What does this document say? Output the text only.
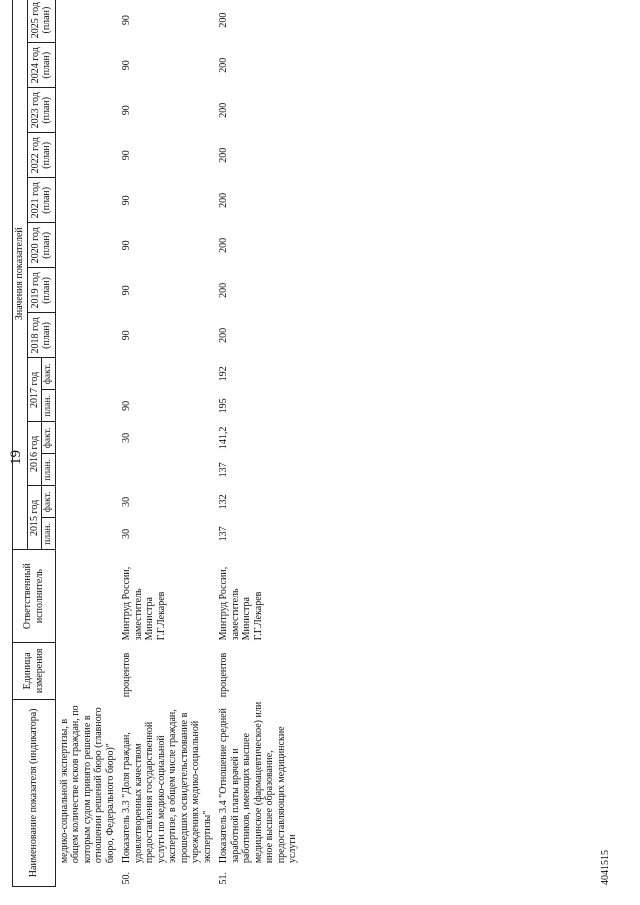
19
Наименование показателя (индикатора)		Единица измерения	Ответственный исполнитель	Значения показателей													
				2015 год		2016 год		2017 год		2018 год (план)	2019 год (план)	2020 год (план)	2021 год (план)	2022 год (план)	2023 год (план)	2024 год (план)	2025 год (план)
				план.	факт.	план.	факт.	план.	факт.								
	медико-социальной экспертизы, в общем количестве исков граждан, по которым судом принято решение в отношении решений бюро (главного бюро, Федерального бюро)"																
50.	Показатель 3.3 "Доля граждан, удовлетворенных качеством предоставления государственной услуги по медико-социальной экспертизе, в общем числе граждан, прошедших освидетельствование в учреждениях медико-социальной экспертизы"	процентов	Минтруд России, заместитель Министра Г.Г.Лекарев	30	30		30	90		90	90	90	90	90	90	90	90
51.	Показатель 3.4 "Отношение средней заработной платы врачей и работников, имеющих высшее медицинское (фармацевтическое) или иное высшее образование, предоставляющих медицинские услуги	процентов	Минтруд России, заместитель Министра Г.Г.Лекарев	137	132	137	141,2	195	192	200	200	200	200	200	200	200	200
4041515
